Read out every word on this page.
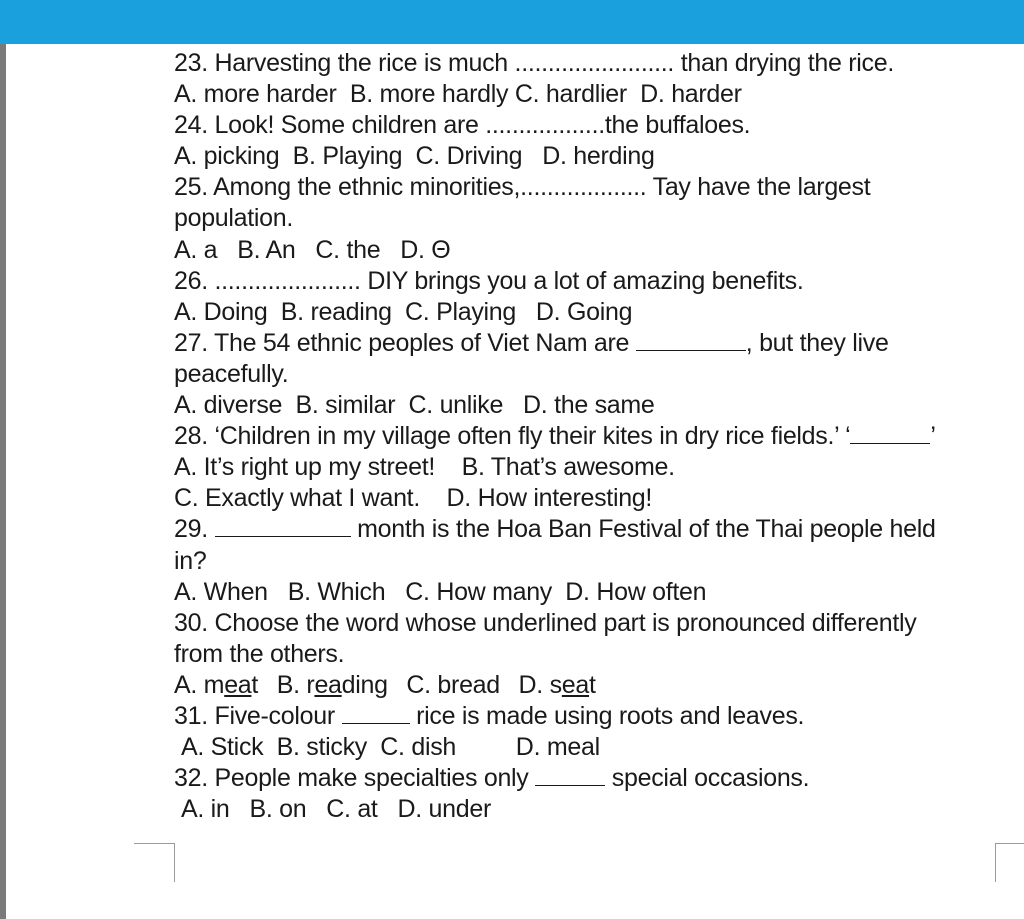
23. Harvesting the rice is much ........................ than drying the rice.
A. more harder  B. more hardly C. hardlier  D. harder
24. Look! Some children are ..................the buffaloes.
A. picking  B. Playing  C. Driving   D. herding
25. Among the ethnic minorities,................... Tay have the largest
population.
A. a   B. An   C. the   D. Θ
26. ...................... DIY brings you a lot of amazing benefits.
A. Doing  B. reading  C. Playing   D. Going
27. The 54 ethnic peoples of Viet Nam are	, but they live
peacefully.
A. diverse  B. similar  C. unlike   D. the same
28. ‘Children in my village often fly their kites in dry rice fields.’ ‘	’
A. It’s right up my street!    B. That’s awesome.
C. Exactly what I want.    D. How interesting!
29.	month is the Hoa Ban Festival of the Thai people held
in?
A. When   B. Which   C. How many  D. How often
30. Choose the word whose underlined part is pronounced differently
from the others.
A. meat B. reading C. bread D. seat
31. Five-colour	rice is made using roots and leaves.
A. Stick  B. sticky  C. dish         D. meal
32. People make specialties only	special occasions.
A. in   B. on   C. at   D. under
